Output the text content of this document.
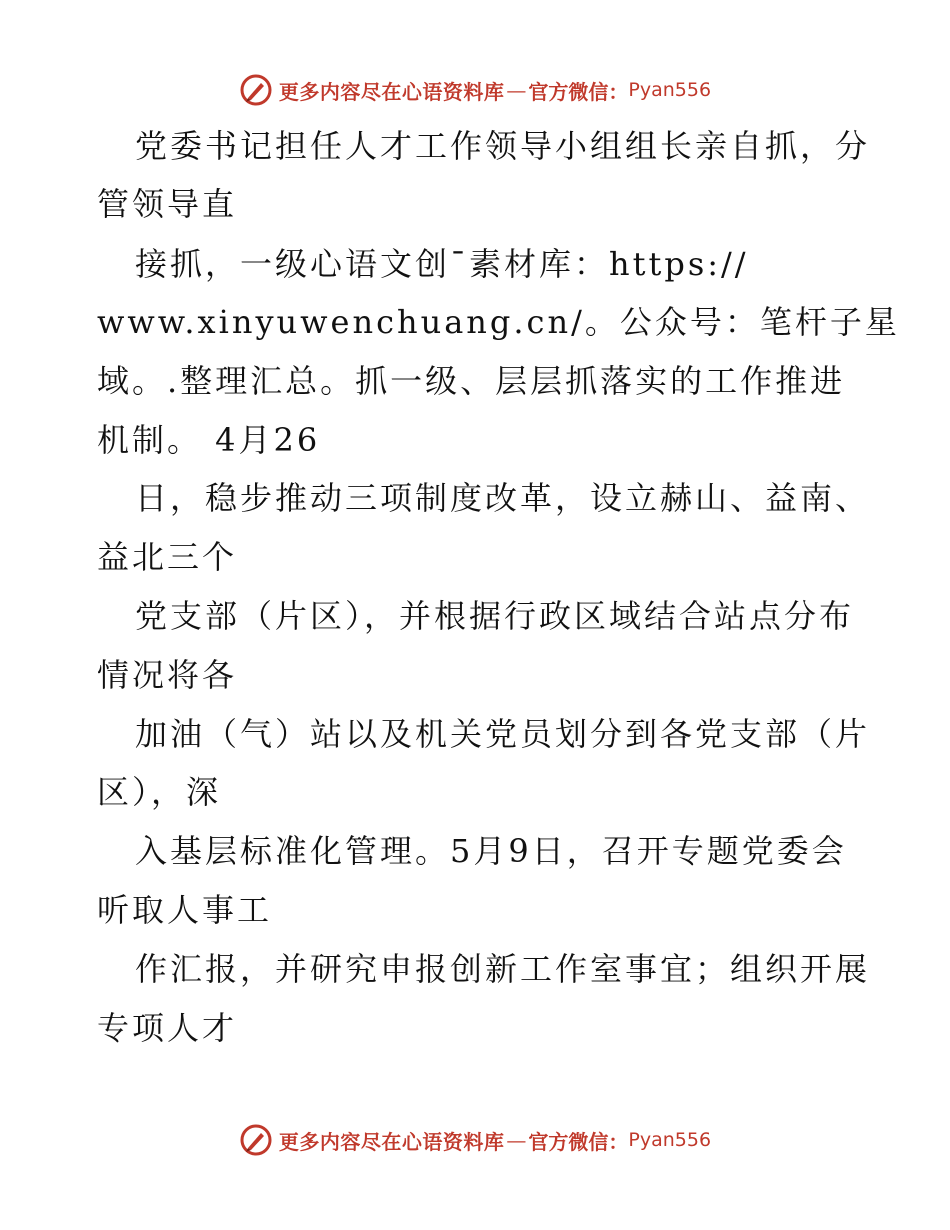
更多内容尽在心语资料库 — 官方微信： Pyan556
党委书记担任人才工作领导小组组长亲自抓，分
管领导直
接抓，一级心语文创¯素材库：https://
www.xinyuwenchuang.cn/。公众号：笔杆子星
域。.整理汇总。抓一级、层层抓落实的工作推进
机制。 4月26
日，稳步推动三项制度改革，设立赫山、益南、
益北三个
党支部（片区），并根据行政区域结合站点分布
情况将各
加油（气）站以及机关党员划分到各党支部（片
区），深
入基层标准化管理。5月9日，召开专题党委会
听取人事工
作汇报，并研究申报创新工作室事宜；组织开展
专项人才
更多内容尽在心语资料库 — 官方微信： Pyan556
